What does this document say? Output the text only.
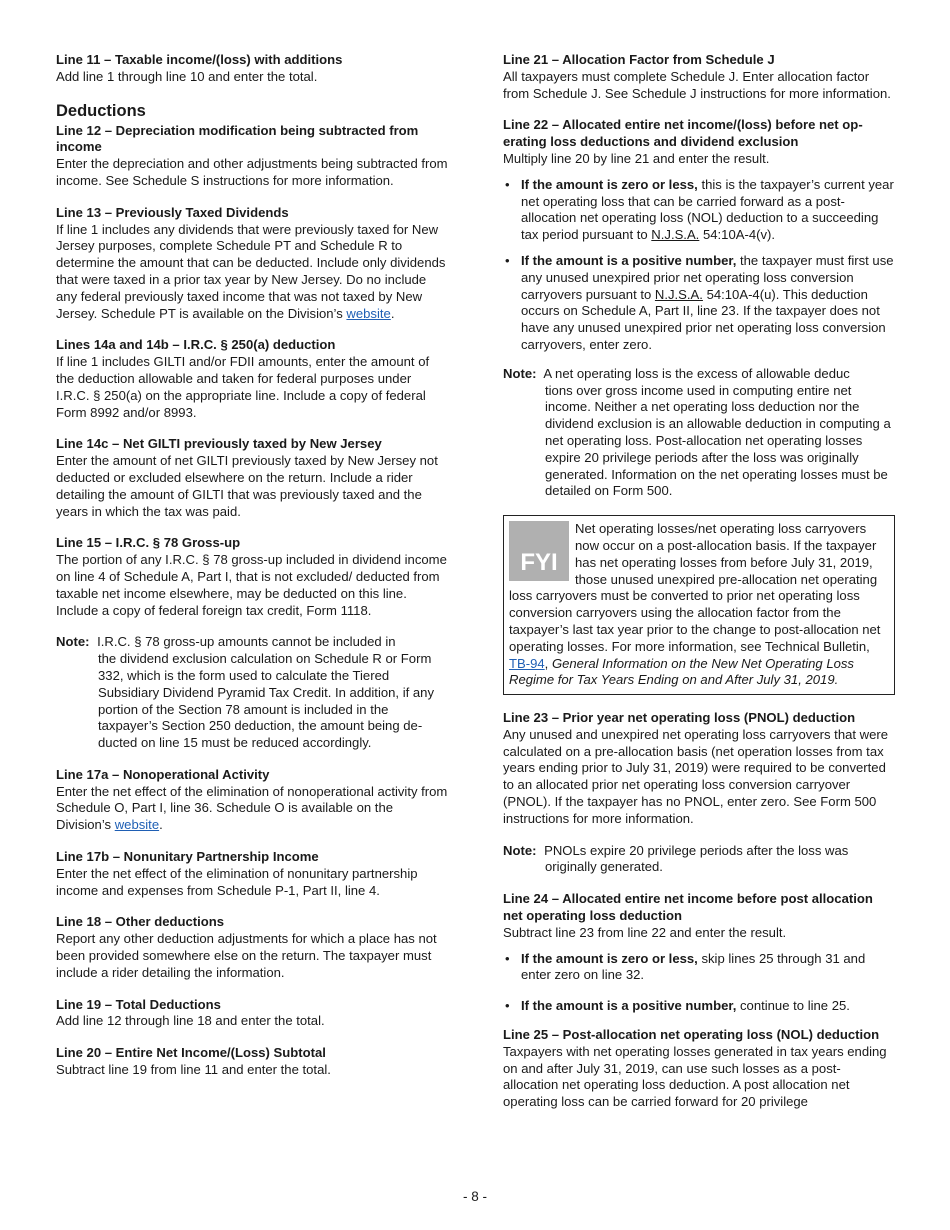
Line 11 – Taxable income/(loss) with additions

Add line 1 through line 10 and enter the total.

Deductions

Line 12 – Depreciation modification being subtracted from income

Enter the depreciation and other adjustments being subtracted from income. See Schedule S instructions for more information.

Line 13 – Previously Taxed Dividends

If line 1 includes any dividends that were previously taxed for New Jersey purposes, complete Schedule PT and Schedule R to determine the amount that can be deducted. Include only dividends that were taxed in a prior tax year by New Jersey. Do no include any federal previously taxed income that was not taxed by New Jersey. Schedule PT is available on the Division’s website.

Lines 14a and 14b – I.R.C. § 250(a) deduction

If line 1 includes GILTI and/or FDII amounts, enter the amount of the deduction allowable and taken for federal purposes under I.R.C. § 250(a) on the appropriate line. Include a copy of federal Form 8992 and/or 8993.

Line 14c – Net GILTI previously taxed by New Jersey

Enter the amount of net GILTI previously taxed by New Jersey not deducted or excluded elsewhere on the return. Include a rider detailing the amount of GILTI that was previously taxed and the years in which the tax was paid.

Line 15 – I.R.C. § 78 Gross-up

The portion of any I.R.C. § 78 gross-up included in dividend income on line 4 of Schedule A, Part I, that is not excluded/ deducted from taxable net income elsewhere, may be deducted on this line. Include a copy of federal foreign tax credit, Form 1118.

Note: I.R.C. § 78 gross-up amounts cannot be included in

the dividend exclusion calculation on Schedule R or Form 332, which is the form used to calculate the Tiered Subsidiary Dividend Pyramid Tax Credit. In addition, if any portion of the Section 78 amount is included in the taxpayer’s Section 250 deduction, the amount being deducted on line 15 must be reduced accordingly.

Line 17a – Nonoperational Activity

Enter the net effect of the elimination of nonoperational activity from Schedule O, Part I, line 36. Schedule O is available on the Division’s website.

Line 17b – Nonunitary Partnership Income

Enter the net effect of the elimination of nonunitary partnership income and expenses from Schedule P-1, Part II, line 4.

Line 18 – Other deductions

Report any other deduction adjustments for which a place has not been provided somewhere else on the return. The taxpayer must include a rider detailing the information.

Line 19 – Total Deductions

Add line 12 through line 18 and enter the total.

Line 20 – Entire Net Income/(Loss) Subtotal

Subtract line 19 from line 11 and enter the total.

Line 21 – Allocation Factor from Schedule J

All taxpayers must complete Schedule J. Enter allocation factor from Schedule J. See Schedule J instructions for more information.

Line 22 – Allocated entire net income/(loss) before net operating loss deductions and dividend exclusion

Multiply line 20 by line 21 and enter the result.

• If the amount is zero or less, this is the taxpayer’s current year net operating loss that can be carried forward as a post-allocation net operating loss (NOL) deduction to a succeeding tax period pursuant to N.J.S.A. 54:10A-4(v).
• If the amount is a positive number, the taxpayer must first use any unused unexpired prior net operating loss conversion carryovers pursuant to N.J.S.A. 54:10A-4(u). This deduction occurs on Schedule A, Part II, line 23. If the taxpayer does not have any unused unexpired prior net operating loss conversion carryovers, enter zero.

Note: A net operating loss is the excess of allowable deduc

tions over gross income used in computing entire net income. Neither a net operating loss deduction nor the dividend exclusion is an allowable deduction in computing a net operating loss. Post-allocation net operating losses expire 20 privilege periods after the loss was originally generated. Information on the net operating losses must be detailed on Form 500.

FYI
Net operating losses/net operating loss carryovers now occur on a post-allocation basis. If the taxpayer has net operating losses from before July 31, 2019, those unused unexpired pre-allocation net operating loss carryovers must be converted to prior net operating loss conversion carryovers using the allocation factor from the taxpayer’s last tax year prior to the change to post-allocation net operating losses. For more information, see Technical Bulletin, TB-94, General Information on the New Net Operating Loss Regime for Tax Years Ending on and After July 31, 2019.

Line 23 – Prior year net operating loss (PNOL) deduction

Any unused and unexpired net operating loss carryovers that were calculated on a pre-allocation basis (net operation losses from tax years ending prior to July 31, 2019) were required to be converted to an allocated prior net operating loss conversion carryover (PNOL). If the taxpayer has no PNOL, enter zero. See Form 500 instructions for more information.

Note: PNOLs expire 20 privilege periods after the loss was

originally generated.

Line 24 – Allocated entire net income before post allocation net operating loss deduction

Subtract line 23 from line 22 and enter the result.

• If the amount is zero or less, skip lines 25 through 31 and enter zero on line 32.
• If the amount is a positive number, continue to line 25.

Line 25 – Post-allocation net operating loss (NOL) deduction

Taxpayers with net operating losses generated in tax years ending on and after July 31, 2019, can use such losses as a post-allocation net operating loss deduction. A post allocation net operating loss can be carried forward for 20 privilege

- 8 -
